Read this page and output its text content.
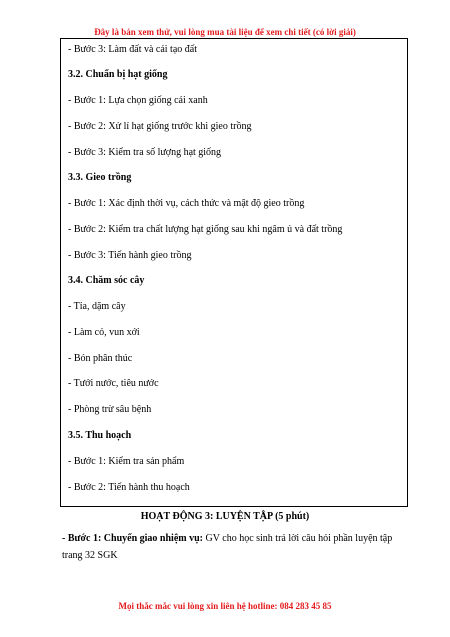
Đây là bản xem thử, vui lòng mua tài liệu để xem chi tiết (có lời giải)
- Bước 3: Làm đất và cải tạo đất
3.2. Chuẩn bị hạt giống
- Bước 1: Lựa chọn giống cải xanh
- Bước 2: Xử lí hạt giống trước khi gieo trồng
- Bước 3: Kiểm tra số lượng hạt giống
3.3. Gieo trồng
- Bước 1: Xác định thời vụ, cách thức và mật độ gieo trồng
- Bước 2: Kiểm tra chất lượng hạt giống sau khi ngâm ủ và đất trồng
- Bước 3: Tiến hành gieo trồng
3.4. Chăm sóc cây
- Tỉa, dặm cây
- Làm cỏ, vun xới
- Bón phân thúc
- Tưới nước, tiêu nước
- Phòng trừ sâu bệnh
3.5. Thu hoạch
- Bước 1: Kiểm tra sản phẩm
- Bước 2: Tiến hành thu hoạch
HOẠT ĐỘNG 3: LUYỆN TẬP (5 phút)
- Bước 1: Chuyển giao nhiệm vụ: GV cho học sinh trả lời câu hỏi phần luyện tập trang 32 SGK
Mọi thắc mắc vui lòng xin liên hệ hotline: 084 283 45 85
